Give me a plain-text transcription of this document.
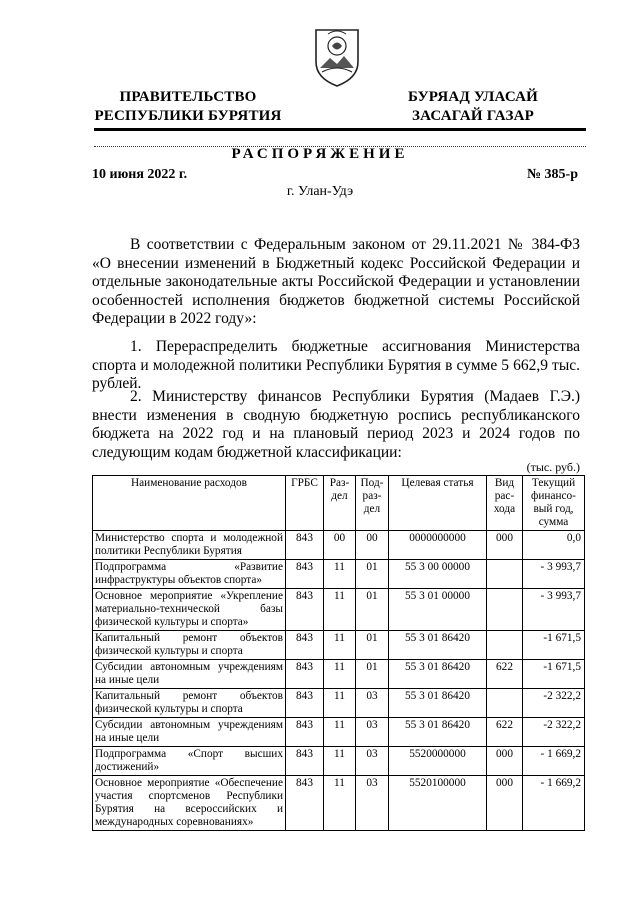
ПРАВИТЕЛЬСТВО
РЕСПУБЛИКИ БУРЯТИЯ
БУРЯАД УЛАСАЙ
ЗАСАГАЙ ГАЗАР
РАСПОРЯЖЕНИЕ
10 июня 2022 г.	№ 385-р
г. Улан-Удэ
В соответствии с Федеральным законом от 29.11.2021 № 384-ФЗ «О внесении изменений в Бюджетный кодекс Российской Федерации и отдельные законодательные акты Российской Федерации и установлении особенностей исполнения бюджетов бюджетной системы Российской Федерации в 2022 году»:
1. Перераспределить бюджетные ассигнования Министерства спорта и молодежной политики Республики Бурятия в сумме 5 662,9 тыс. рублей.
2. Министерству финансов Республики Бурятия (Мадаев Г.Э.) внести изменения в сводную бюджетную роспись республиканского бюджета на 2022 год и на плановый период 2023 и 2024 годов по следующим кодам бюджетной классификации:
(тыс. руб.)
Наименование расходов	ГРБС	Раз-дел	Под-раз-дел	Целевая статья	Вид рас-хода	Текущий финансо-вый год, сумма
Министерство спорта и молодежной политики Республики Бурятия	843	00	00	0000000000	000	0,0
Подпрограмма «Развитие инфраструктуры объектов спорта»	843	11	01	55 3 00 00000		- 3 993,7
Основное мероприятие «Укрепление материально-технической базы физической культуры и спорта»	843	11	01	55 3 01 00000		- 3 993,7
Капитальный ремонт объектов физической культуры и спорта	843	11	01	55 3 01 86420		-1 671,5
Субсидии автономным учреждениям на иные цели	843	11	01	55 3 01 86420	622	-1 671,5
Капитальный ремонт объектов физической культуры и спорта	843	11	03	55 3 01 86420		-2 322,2
Субсидии автономным учреждениям на иные цели	843	11	03	55 3 01 86420	622	-2 322,2
Подпрограмма «Спорт высших достижений»	843	11	03	5520000000	000	- 1 669,2
Основное мероприятие «Обеспечение участия спортсменов Республики Бурятия на всероссийских и международных соревнованиях»	843	11	03	5520100000	000	- 1 669,2
